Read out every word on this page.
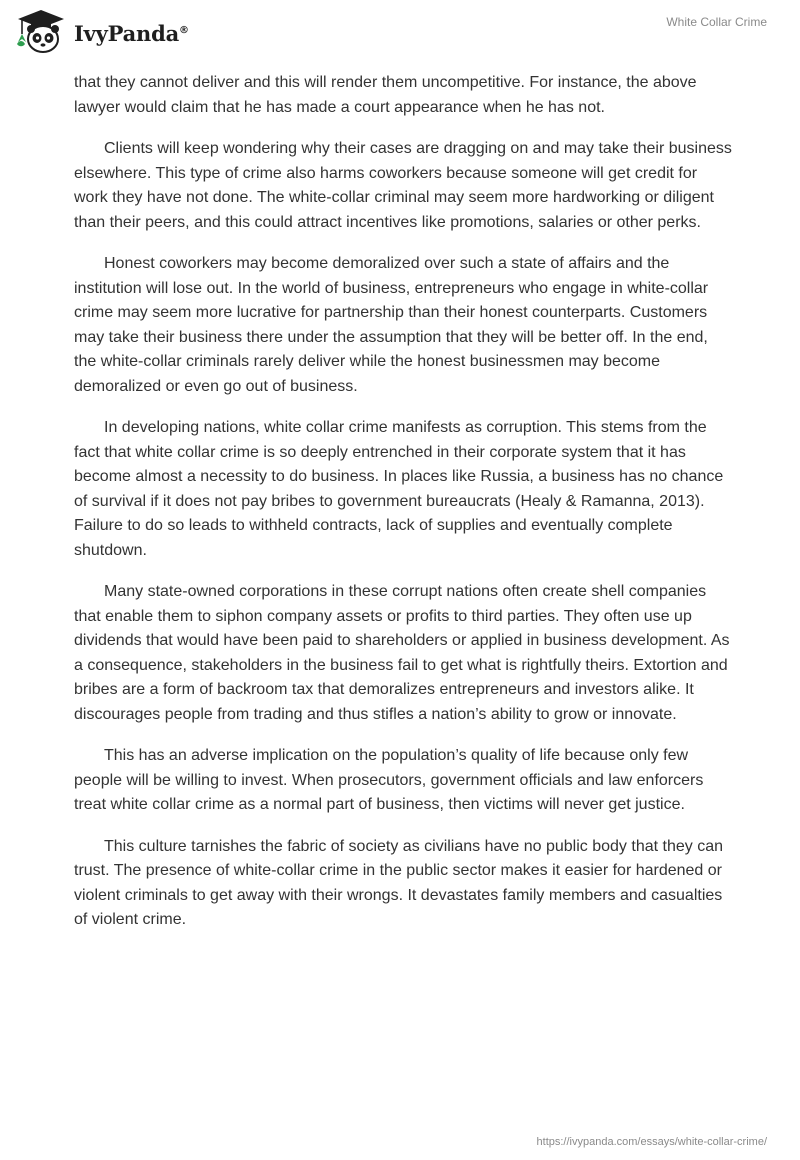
IvyPanda®
White Collar Crime

that they cannot deliver and this will render them uncompetitive. For instance, the above lawyer would claim that he has made a court appearance when he has not.

Clients will keep wondering why their cases are dragging on and may take their business elsewhere. This type of crime also harms coworkers because someone will get credit for work they have not done. The white-collar criminal may seem more hardworking or diligent than their peers, and this could attract incentives like promotions, salaries or other perks.

Honest coworkers may become demoralized over such a state of affairs and the institution will lose out. In the world of business, entrepreneurs who engage in white-collar crime may seem more lucrative for partnership than their honest counterparts. Customers may take their business there under the assumption that they will be better off. In the end, the white-collar criminals rarely deliver while the honest businessmen may become demoralized or even go out of business.

In developing nations, white collar crime manifests as corruption. This stems from the fact that white collar crime is so deeply entrenched in their corporate system that it has become almost a necessity to do business. In places like Russia, a business has no chance of survival if it does not pay bribes to government bureaucrats (Healy & Ramanna, 2013). Failure to do so leads to withheld contracts, lack of supplies and eventually complete shutdown.

Many state-owned corporations in these corrupt nations often create shell companies that enable them to siphon company assets or profits to third parties. They often use up dividends that would have been paid to shareholders or applied in business development. As a consequence, stakeholders in the business fail to get what is rightfully theirs. Extortion and bribes are a form of backroom tax that demoralizes entrepreneurs and investors alike. It discourages people from trading and thus stifles a nation’s ability to grow or innovate.

This has an adverse implication on the population’s quality of life because only few people will be willing to invest. When prosecutors, government officials and law enforcers treat white collar crime as a normal part of business, then victims will never get justice.

This culture tarnishes the fabric of society as civilians have no public body that they can trust. The presence of white-collar crime in the public sector makes it easier for hardened or violent criminals to get away with their wrongs. It devastates family members and casualties of violent crime.

https://ivypanda.com/essays/white-collar-crime/
